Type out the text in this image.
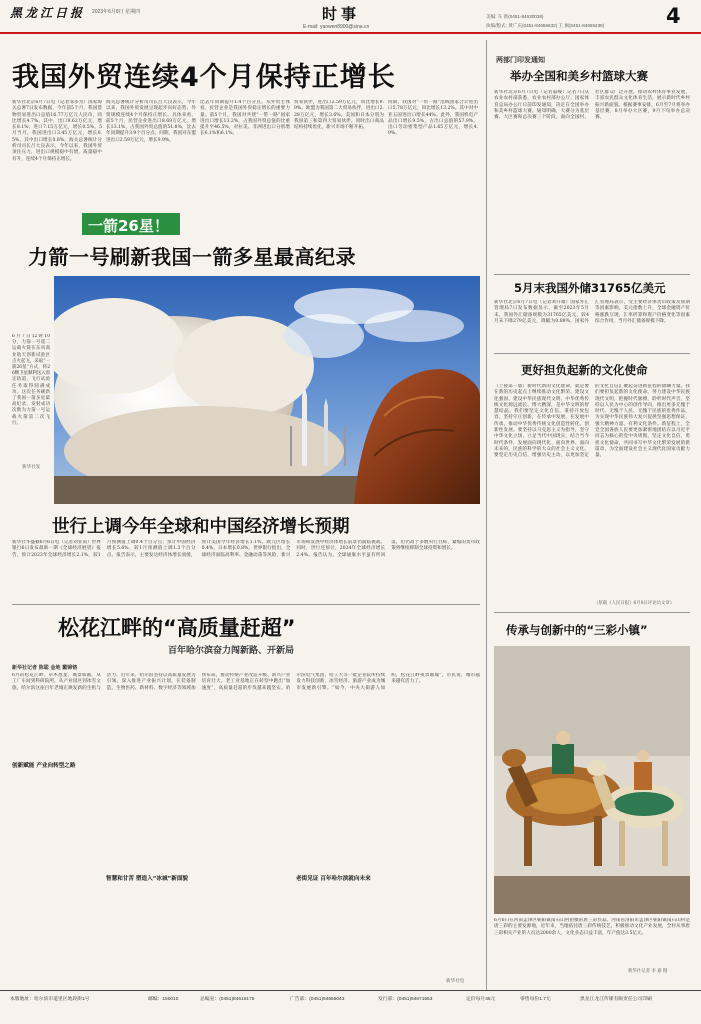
黑龙江日报 2023年6月8日 星期四	时事
E-mail: yaowen8900@sina.cn
美编: 车 新(0451-84630038)
执编/版式: 黄广庆(0451-84655632) 王 旗(0451-84655238)	4
我国外贸连续4个月保持正增长
新华社北京6月7日电（记者邹多为）国家海关总署7日发布数据，今年前5个月，我国货物贸易进出口总值16.77万亿元人民币，同比增长4.7%。其中，出口9.62万亿元，增长8.1%；进口7.15万亿元，增长0.5%。5月当月，我国进出口3.45万亿元，增长0.5%，其中出口增长0.8%。海关总署统计分析司司长吕大良表示，今年以来，我国外贸顶住压力，进出口规模稳中有增、质量稳中有升，连续4个月保持正增长。
海关总署统计分析司司长吕大良表示，今年以来，我国外贸发展呈现起步向好态势，外贸规模连续4个月保持正增长。具体来看，前5个月，民营企业进出口8.69万亿元，增长13.1%，占我国外贸总值的51.8%，比去年同期提升3.9个百分点。同期，我国对东盟进出口2.59万亿元，增长9.9%。
比去年同期提升1.4个百分点。从外贸主体看，民营企业是我国外贸稳定增长的重要力量。前5个月，我国对共建“一带一路”国家进出口增长13.2%，占我国外贸总值的比重提升至46.5%，对拉美、非洲进出口分别增长6.1%和6.1%。
贸易伙伴，进出口2.59万亿元，同比增长9.9%。欧盟为我国第二大贸易伙伴，进出口2.28万亿元，增长3.6%。美国和日本分别为我国第三和第四大贸易伙伴。同时出口商品结构持续优化，新兴市场不断开拓。
同期，我国对“一带一路”沿线国家合计进出口5.78万亿元，同比增长13.2%。其中对中亚五国进出口增长44%。此外，我国机电产品出口增长9.5%，占出口总值的57.9%，出口劳动密集型产品1.65万亿元，增长4.9%。
一箭26星！
力箭一号刷新我国一箭多星最高纪录
6月7日12时10分，力箭一号遥二运载火箭在东风商业航天创新试验区点火起飞，采取“一箭26星”方式，将26颗卫星顺利送入预定轨道，飞行试验任务取得圆满成功。这次任务刷新了我国一箭多星最高纪录，发射成功次数为力箭一号运载火箭第二次飞行。
新华社发
世行上调今年全球和中国经济增长预期
新华社华盛顿6月6日电（记者刘亚南）世界银行6日发布最新一期《全球经济展望》报告，预计2023年全球经济增长2.1%，较1月预测值上调0.4个百分点；预计中国经济增长5.6%，较1月预测值上调1.3个百分点。报告表示，主要发达经济体增长放缓，预计美国今年经济增长1.1%，欧元区增长0.4%，日本增长0.8%。世界银行指出，全球经济面临高利率、金融动荡等风险，新兴市场和发展中经济体增长前景仍面临挑战。同时，世行还预计，2024年全球经济增长2.4%。报告认为，全球通胀水平虽有所回落，但仍高于多数央行目标，紧缩的货币政策将继续抑制全球投资和增长。
松花江畔的“高质量赶超”
百年哈尔滨奋力闯新路、开新局
新华社记者 陈聪 金地 戴锦镕
6月的松花江畔，草木葱茏、城景如画。从工厂车间到科研院所，从产业园区到冰雪文旅，哈尔滨这座百年老城正焕发新的生机与活力。近年来，哈尔滨坚持以高质量发展为引领，深入推进产业振兴计划，在装备制造、生物医药、新材料、数字经济等领域加快布局，推动传统产业改造升级、新兴产业培育壮大。老工业基地正在转型中跑出“加速度”，高质量赶超的步伐越来越坚实。哈尔滨电气集团、哈工大等一批企业院所持续发力科技创新，冰雪经济、旅游产业成为城市发展新引擎。“如今，中央大街游人如织，松花江畔夜景璀璨”，市民说，城市越来越有活力了。
创新赋能 产业向转型之路
智慧和甘苦 塑造入“冰城”新面貌	老街见证 百年哈尔滨就向未来
新华社电
两部门印发通知
举办全国和美乡村篮球大赛
新华社北京6月7日电（记者董峻）记者7日从农业农村部获悉，农业农村部办公厅、国家体育总局办公厅日前印发通知，决定在全国举办和美乡村篮球大赛。通知明确，大赛分为基层赛、大区赛和总决赛三个阶段，面向全国村、社区群众广泛开展，推动农村体育事业发展，丰富农民群众文化体育生活，展示新时代乡村振兴新面貌。根据赛事安排，6月至7月将举办基层赛，8月举办大区赛，9月下旬举办总决赛。
5月末我国外储31765亿美元
新华社北京6月7日电（记者刘开雄）国家外汇管理局7日发布数据显示，截至2023年5月末，我国外汇储备规模为31765亿美元，较4月末下降279亿美元，降幅为0.88%。国家外汇管理局表示，受主要经济体货币政策及预期等因素影响，美元指数上升，全球金融资产价格涨跌互现，汇率折算和资产价格变化等因素综合作用，当月外汇储备规模下降。
更好担负起新的文化使命
（上接第一版）新时代新的文化使命，就是要在新的历史起点上继续推动文化繁荣、建设文化强国、建设中华民族现代文明。中华优秀传统文化源远流长、博大精深，是中华文明的智慧结晶。我们要坚定文化自信，秉持开放包容，坚持守正创新，在传承中发展、在发展中传承，推动中华优秀传统文化创造性转化、创新性发展。要坚持以马克思主义为指导，坚守中华文化立场，立足当代中国现实，结合当今时代条件，发展面向现代化、面向世界、面向未来的，民族的科学的大众的社会主义文化。要坚定历史自信，增强历史主动，以更加坚定的文化自信汇聚起奋进新征程的磅礴力量。我们要担负起新的文化使命，努力建设中华民族现代文明，把握时代脉搏，聆听时代声音，坚持以人民为中心的创作导向，推出更多无愧于时代、无愧于人民、无愧于民族的优秀作品，为实现中华民族伟大复兴提供坚强思想保证、强大精神力量、有利文化条件。新征程上，全党全国各族人民要更加紧密地团结在以习近平同志为核心的党中央周围，坚定文化自信，勇担文化使命，共同书写中华文化繁荣发展的新篇章，为全面建设社会主义现代化国家贡献力量。
（原载《人民日报》6月8日评论员文章）
传承与创新中的“三彩小镇”
6月6日在河南孟津区朝阳镇南石山村拍摄的唐三彩作品。河南省洛阳市孟津区朝阳镇南石山村是唐三彩的主要发源地，近年来，当地依托唐三彩传统技艺，积极推动文化产业发展，全村从事唐三彩相关产业的人员达2000余人，文化业态日益丰富，年产值达3.5亿元。
新华社记者 李 嘉 摄
本版地址：哈尔滨市道里区地段街1号	邮编：150010	总编室：(0451)84616175	广告部：(0451)84655043	发行部：(0451)84671553	定价每月45元	零售每份1.7元	黑龙江龙江传媒有限责任公司印刷
